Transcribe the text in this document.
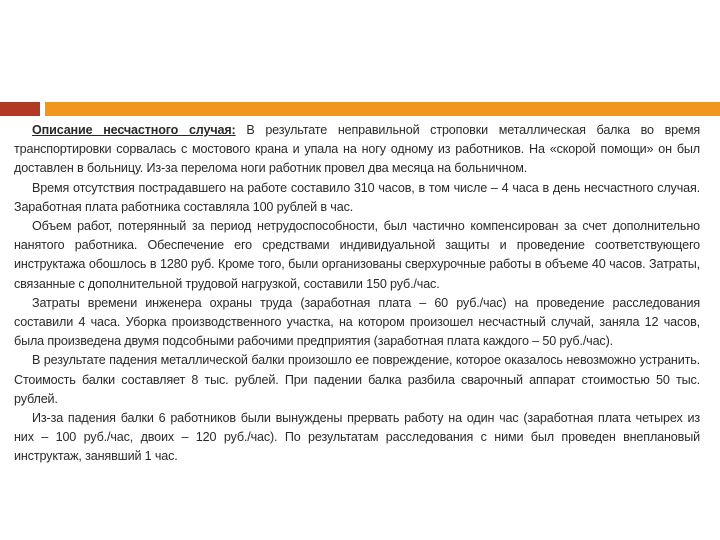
Описание несчастного случая: В результате неправильной строповки металлическая балка во время транспортировки сорвалась с мостового крана и упала на ногу одному из работников. На «скорой помощи» он был доставлен в больницу. Из-за перелома ноги работник провел два месяца на больничном.

Время отсутствия пострадавшего на работе составило 310 часов, в том числе – 4 часа в день несчастного случая. Заработная плата работника составляла 100 рублей в час.

Объем работ, потерянный за период нетрудоспособности, был частично компенсирован за счет дополнительно нанятого работника. Обеспечение его средствами индивидуальной защиты и проведение соответствующего инструктажа обошлось в 1280 руб. Кроме того, были организованы сверхурочные работы в объеме 40 часов. Затраты, связанные с дополнительной трудовой нагрузкой, составили 150 руб./час.

Затраты времени инженера охраны труда (заработная плата – 60 руб./час) на проведение расследования составили 4 часа. Уборка производственного участка, на котором произошел несчастный случай, заняла 12 часов, была произведена двумя подсобными рабочими предприятия (заработная плата каждого – 50 руб./час).

В результате падения металлической балки произошло ее повреждение, которое оказалось невозможно устранить. Стоимость балки составляет 8 тыс. рублей. При падении балка разбила сварочный аппарат стоимостью 50 тыс. рублей.

Из-за падения балки 6 работников были вынуждены прервать работу на один час (заработная плата четырех из них – 100 руб./час, двоих – 120 руб./час). По результатам расследования с ними был проведен внеплановый инструктаж, занявший 1 час.
